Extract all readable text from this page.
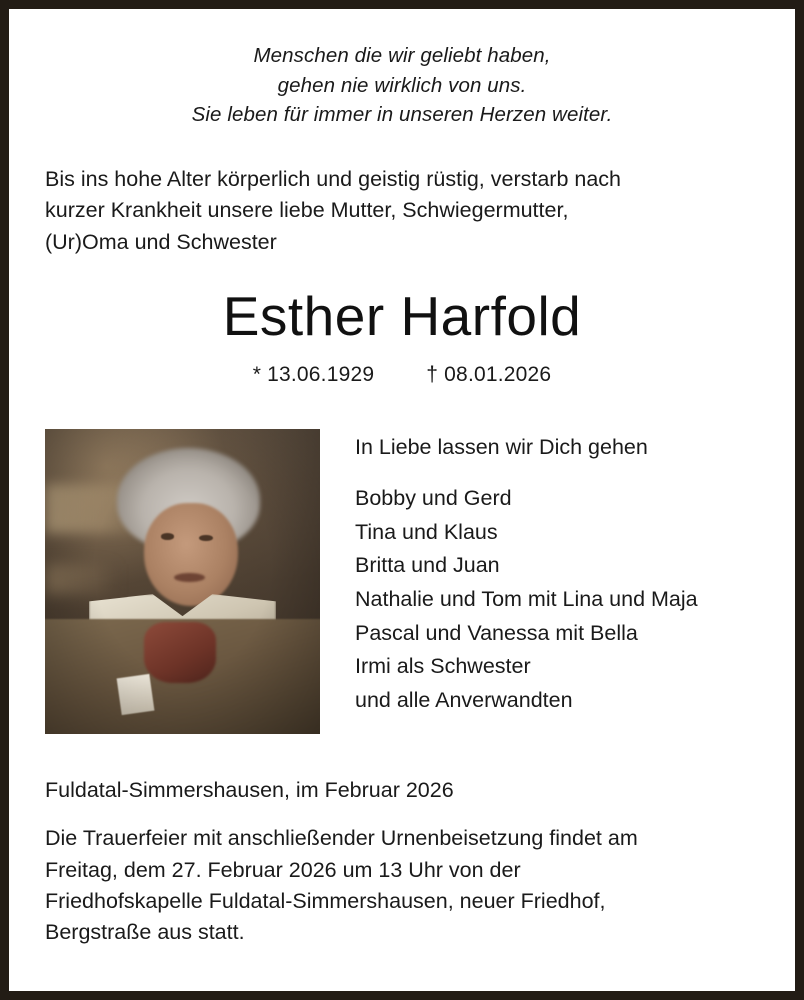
Menschen die wir geliebt haben,
gehen nie wirklich von uns.
Sie leben für immer in unseren Herzen weiter.
Bis ins hohe Alter körperlich und geistig rüstig, verstarb nach
kurzer Krankheit unsere liebe Mutter, Schwiegermutter,
(Ur)Oma und Schwester
Esther Harfold
* 13.06.1929 † 08.01.2026
In Liebe lassen wir Dich gehen
Bobby und Gerd
Tina und Klaus
Britta und Juan
Nathalie und Tom mit Lina und Maja
Pascal und Vanessa mit Bella
Irmi als Schwester
und alle Anverwandten
Fuldatal-Simmershausen, im Februar 2026
Die Trauerfeier mit anschließender Urnenbeisetzung findet am
Freitag, dem 27. Februar 2026 um 13 Uhr von der
Friedhofskapelle Fuldatal-Simmershausen, neuer Friedhof,
Bergstraße aus statt.
